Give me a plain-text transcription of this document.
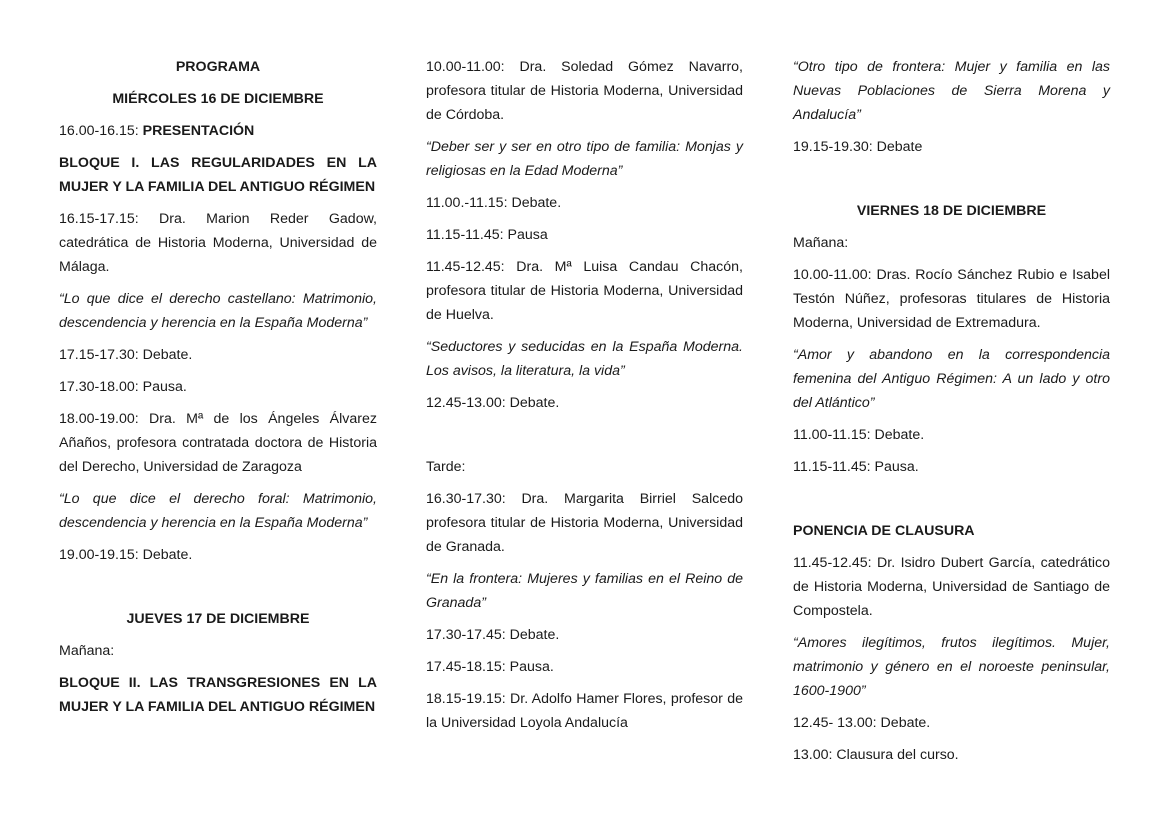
PROGRAMA

MIÉRCOLES 16 DE DICIEMBRE

16.00-16.15: PRESENTACIÓN

BLOQUE I. LAS REGULARIDADES EN LA MUJER Y LA FAMILIA DEL ANTIGUO RÉGIMEN

16.15-17.15: Dra. Marion Reder Gadow, catedrática de Historia Moderna, Universidad de Málaga.

“Lo que dice el derecho castellano: Matrimonio, descendencia y herencia en la España Moderna”

17.15-17.30: Debate.

17.30-18.00: Pausa.

18.00-19.00: Dra. Mª de los Ángeles Álvarez Añaños, profesora contratada doctora de Historia del Derecho, Universidad de Zaragoza

“Lo que dice el derecho foral: Matrimonio, descendencia y herencia en la España Moderna”

19.00-19.15: Debate.

JUEVES 17 DE DICIEMBRE

Mañana:

BLOQUE II. LAS TRANSGRESIONES EN LA MUJER Y LA FAMILIA DEL ANTIGUO RÉGIMEN

10.00-11.00: Dra. Soledad Gómez Navarro, profesora titular de Historia Moderna, Universidad de Córdoba.

“Deber ser y ser en otro tipo de familia: Monjas y religiosas en la Edad Moderna”

11.00.-11.15: Debate.

11.15-11.45: Pausa

11.45-12.45: Dra. Mª Luisa Candau Chacón, profesora titular de Historia Moderna, Universidad de Huelva.

“Seductores y seducidas en la España Moderna. Los avisos, la literatura, la vida”

12.45-13.00: Debate.

Tarde:

16.30-17.30: Dra. Margarita Birriel Salcedo profesora titular de Historia Moderna, Universidad de Granada.

“En la frontera: Mujeres y familias en el Reino de Granada”

17.30-17.45: Debate.

17.45-18.15: Pausa.

18.15-19.15: Dr. Adolfo Hamer Flores, profesor de la Universidad Loyola Andalucía

“Otro tipo de frontera: Mujer y familia en las Nuevas Poblaciones de Sierra Morena y Andalucía”

19.15-19.30: Debate

VIERNES 18 DE DICIEMBRE

Mañana:

10.00-11.00: Dras. Rocío Sánchez Rubio e Isabel Testón Núñez, profesoras titulares de Historia Moderna, Universidad de Extremadura.

“Amor y abandono en la correspondencia femenina del Antiguo Régimen: A un lado y otro del Atlántico”

11.00-11.15: Debate.

11.15-11.45: Pausa.

PONENCIA DE CLAUSURA

11.45-12.45: Dr. Isidro Dubert García, catedrático de Historia Moderna, Universidad de Santiago de Compostela.

“Amores ilegítimos, frutos ilegítimos. Mujer, matrimonio y género en el noroeste peninsular, 1600-1900”

12.45- 13.00: Debate.

13.00: Clausura del curso.
